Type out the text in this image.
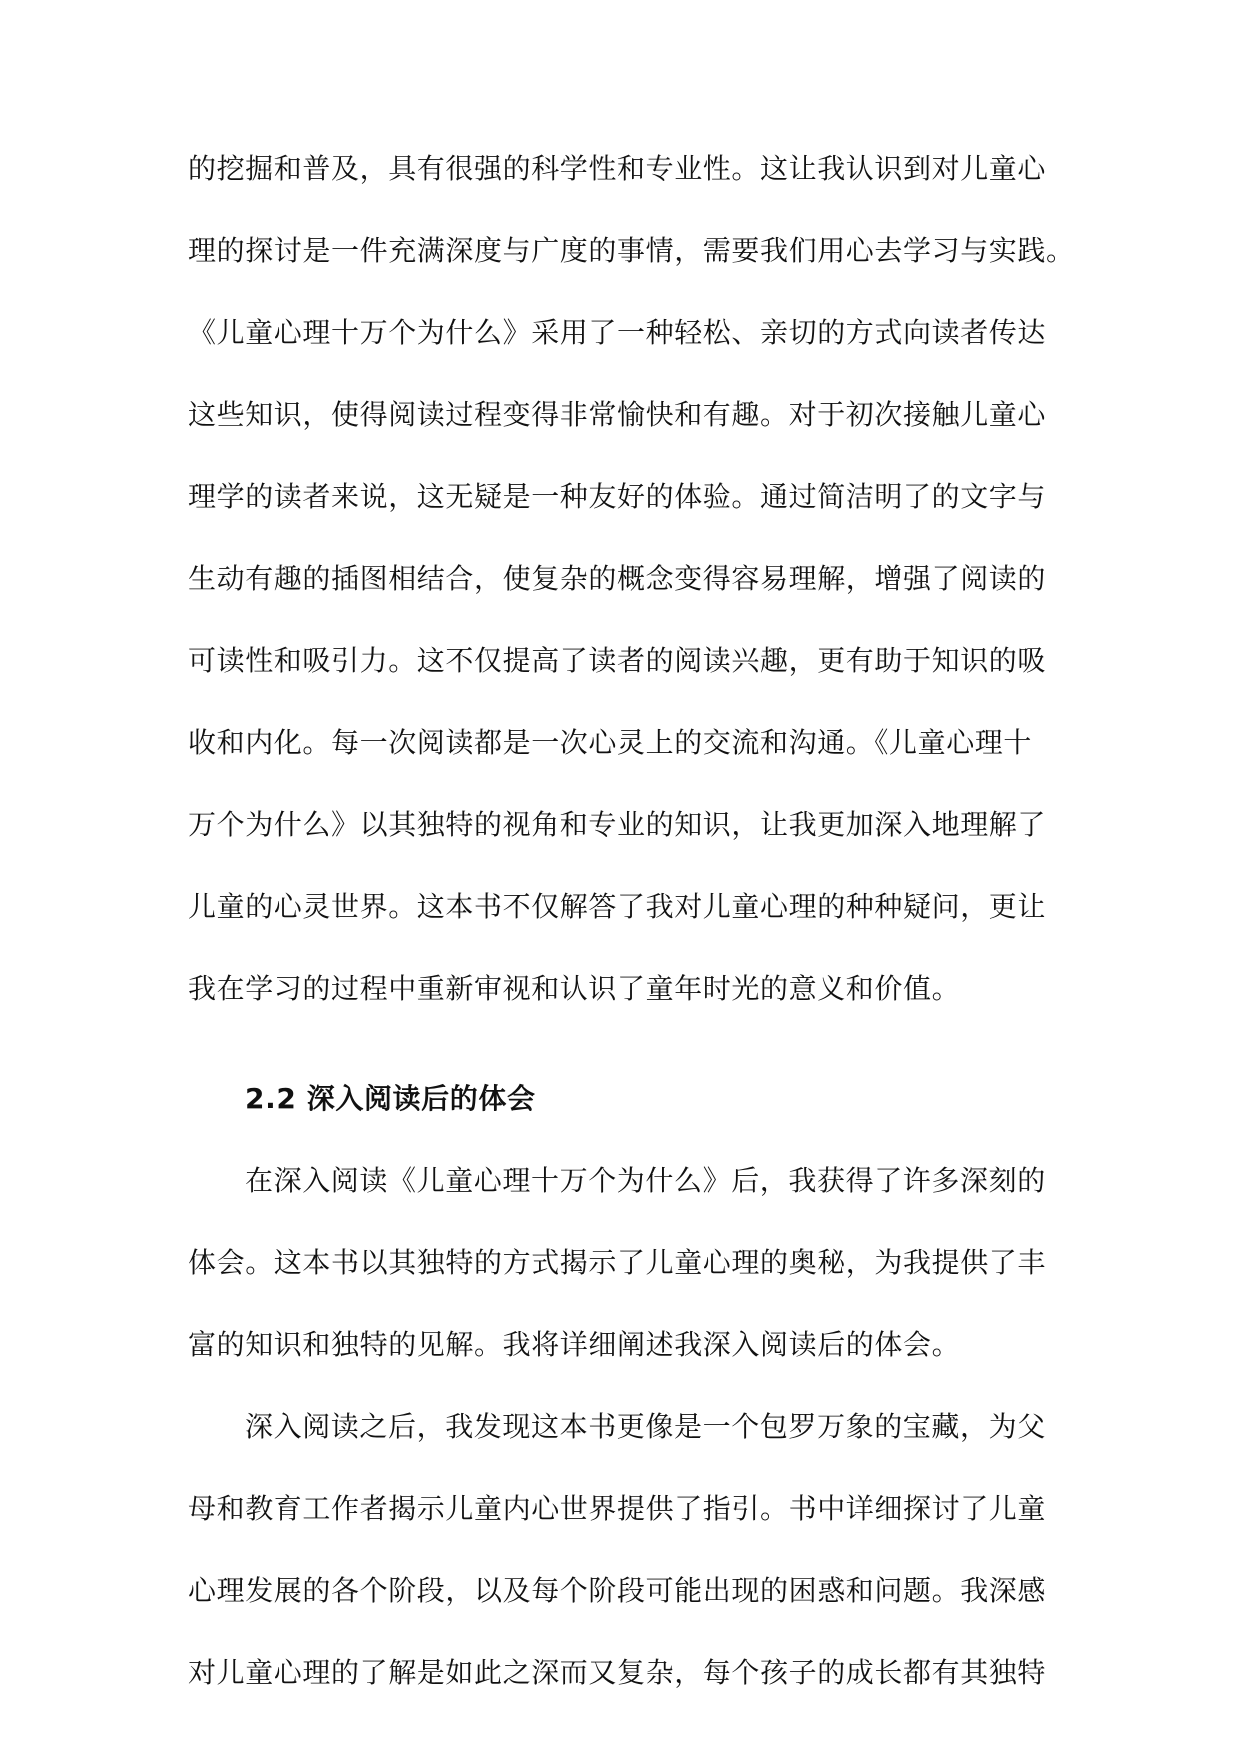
的挖掘和普及，具有很强的科学性和专业性。这让我认识到对儿童心
理的探讨是一件充满深度与广度的事情，需要我们用心去学习与实践。
《儿童心理十万个为什么》采用了一种轻松、亲切的方式向读者传达
这些知识，使得阅读过程变得非常愉快和有趣。对于初次接触儿童心
理学的读者来说，这无疑是一种友好的体验。通过简洁明了的文字与
生动有趣的插图相结合，使复杂的概念变得容易理解，增强了阅读的
可读性和吸引力。这不仅提高了读者的阅读兴趣，更有助于知识的吸
收和内化。每一次阅读都是一次心灵上的交流和沟通。《儿童心理十
万个为什么》以其独特的视角和专业的知识，让我更加深入地理解了
儿童的心灵世界。这本书不仅解答了我对儿童心理的种种疑问，更让
我在学习的过程中重新审视和认识了童年时光的意义和价值。
2.2 深入阅读后的体会
在深入阅读《儿童心理十万个为什么》后，我获得了许多深刻的
体会。这本书以其独特的方式揭示了儿童心理的奥秘，为我提供了丰
富的知识和独特的见解。我将详细阐述我深入阅读后的体会。
深入阅读之后，我发现这本书更像是一个包罗万象的宝藏，为父
母和教育工作者揭示儿童内心世界提供了指引。书中详细探讨了儿童
心理发展的各个阶段，以及每个阶段可能出现的困惑和问题。我深感
对儿童心理的了解是如此之深而又复杂，每个孩子的成长都有其独特
